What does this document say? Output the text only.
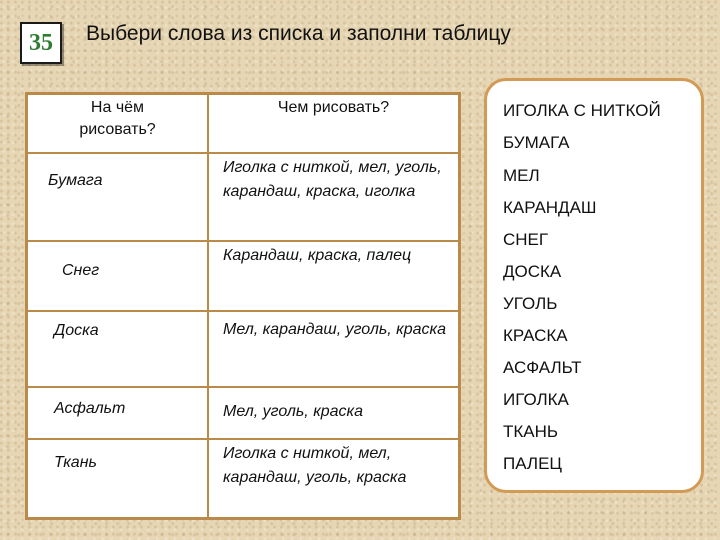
35 Выбери слова из списка и заполни таблицу
На чём рисовать?	Чем рисовать?
Бумага	Иголка с ниткой, мел, уголь, карандаш, краска, иголка
Снег	Карандаш, краска, палец
Доска	Мел, карандаш, уголь, краска
Асфальт	Мел, уголь, краска
Ткань	Иголка с ниткой, мел, карандаш, уголь, краска
ИГОЛКА С НИТКОЙ
БУМАГА
МЕЛ
КАРАНДАШ
СНЕГ
ДОСКА
УГОЛЬ
КРАСКА
АСФАЛЬТ
ИГОЛКА
ТКАНЬ
ПАЛЕЦ
